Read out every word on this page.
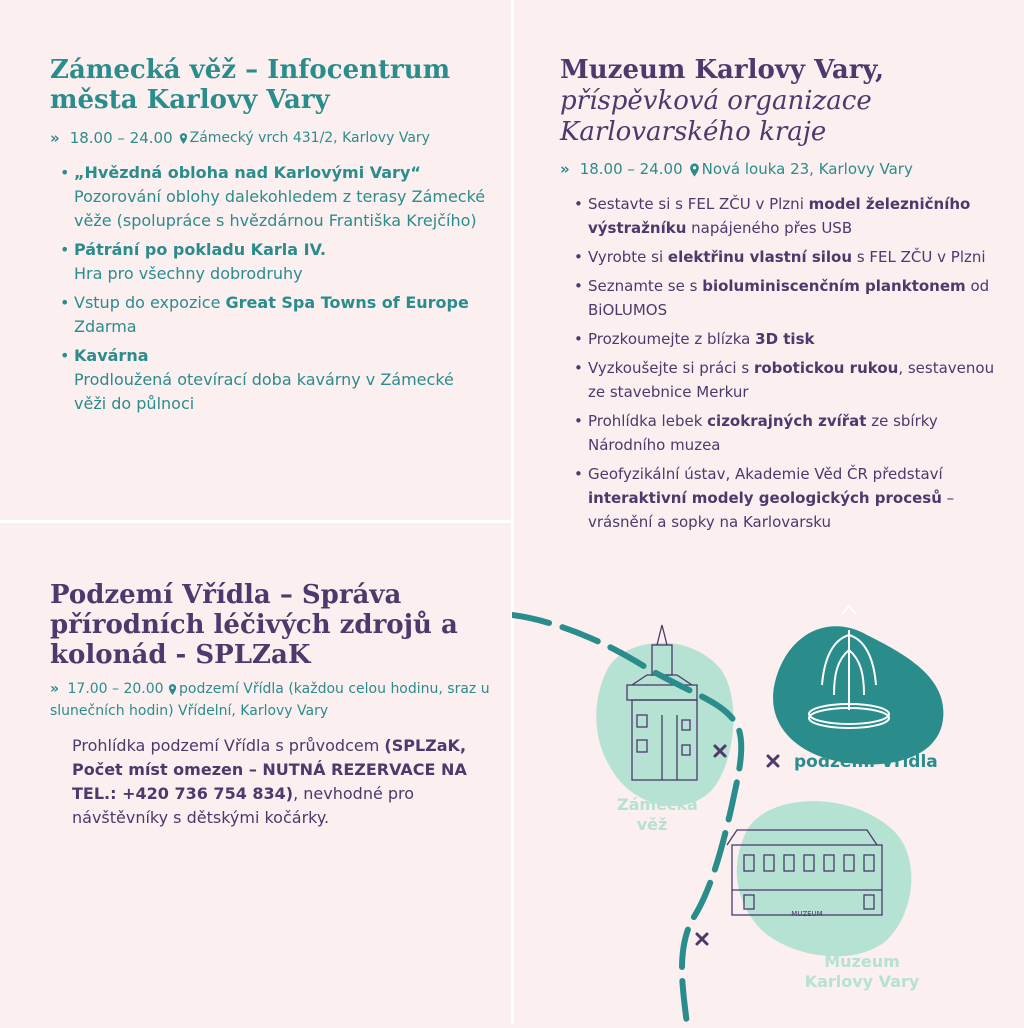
Zámecká věž – Infocentrum města Karlovy Vary
» 18.00 – 24.00	Zámecký vrch 431/2, Karlovy Vary
• „Hvězdná obloha nad Karlovými Vary“
Pozorování oblohy dalekohledem z terasy Zámecké věže (spolupráce s hvězdárnou Františka Krejčího)
• Pátrání po pokladu Karla IV.
Hra pro všechny dobrodruhy
• Vstup do expozice Great Spa Towns of Europe
Zdarma
• Kavárna
Prodloužená otevírací doba kavárny v Zámecké věži do půlnoci
Podzemí Vřídla – Správa přírodních léčivých zdrojů a kolonád - SPLZaK
» 17.00 – 20.00 podzemí Vřídla (každou celou hodinu, sraz u slunečních hodin) Vřídelní, Karlovy Vary

Prohlídka podzemí Vřídla s průvodcem (SPLZaK, Počet míst omezen – NUTNÁ REZERVACE NA TEL.: +420 736 754 834), nevhodné pro návštěvníky s dětskými kočárky.

Muzeum Karlovy Vary,
příspěvková organizace Karlovarského kraje
» 18.00 – 24.00	Nová louka 23, Karlovy Vary
• Sestavte si s FEL ZČU v Plzni model železničního výstražníku napájeného přes USB
• Vyrobte si elektřinu vlastní silou s FEL ZČU v Plzni
• Seznamte se s bioluminiscenčním planktonem od BiOLUMOS
• Prozkoumejte z blízka 3D tisk
• Vyzkoušejte si práci s robotickou rukou, sestavenou ze stavebnice Merkur
• Prohlídka lebek cizokrajných zvířat ze sbírky Národního muzea
• Geofyzikální ústav, Akademie Věd ČR představí interaktivní modely geologických procesů – vrásnění a sopky na Karlovarsku
MUZEUM
podzemí Vřídla
Zámecká věž
Muzeum Karlovy Vary
